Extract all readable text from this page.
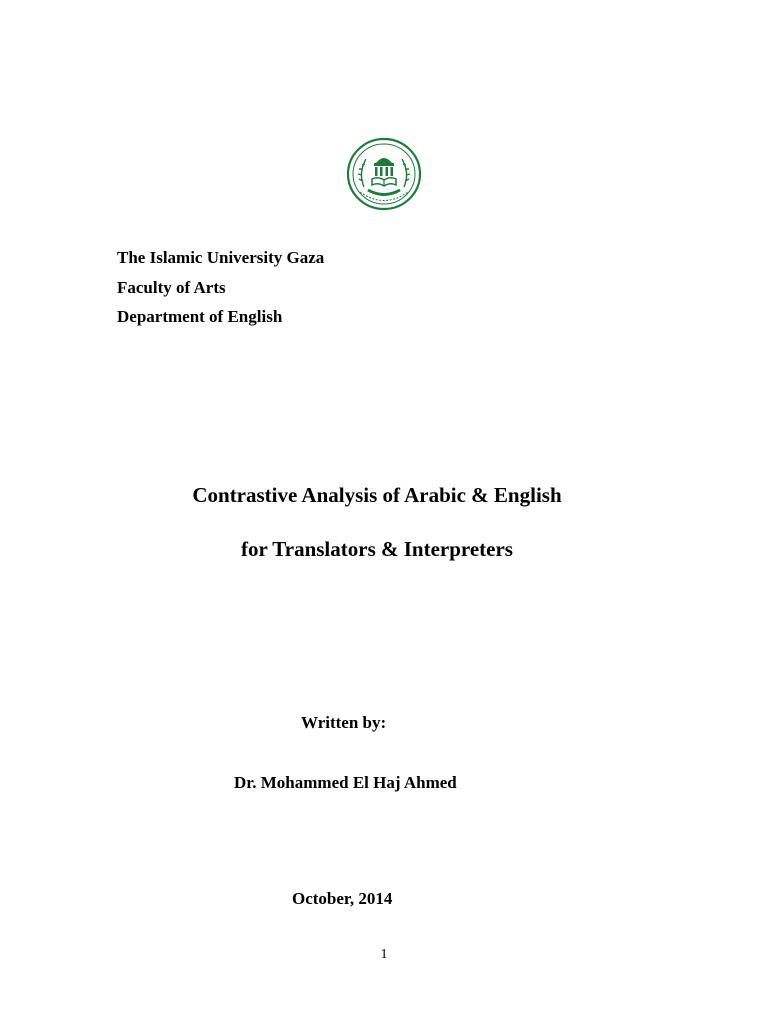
The Islamic University Gaza
Faculty of Arts
Department of English
Contrastive Analysis of Arabic & English
for Translators & Interpreters
Written by:
Dr. Mohammed El Haj Ahmed
October, 2014
1
